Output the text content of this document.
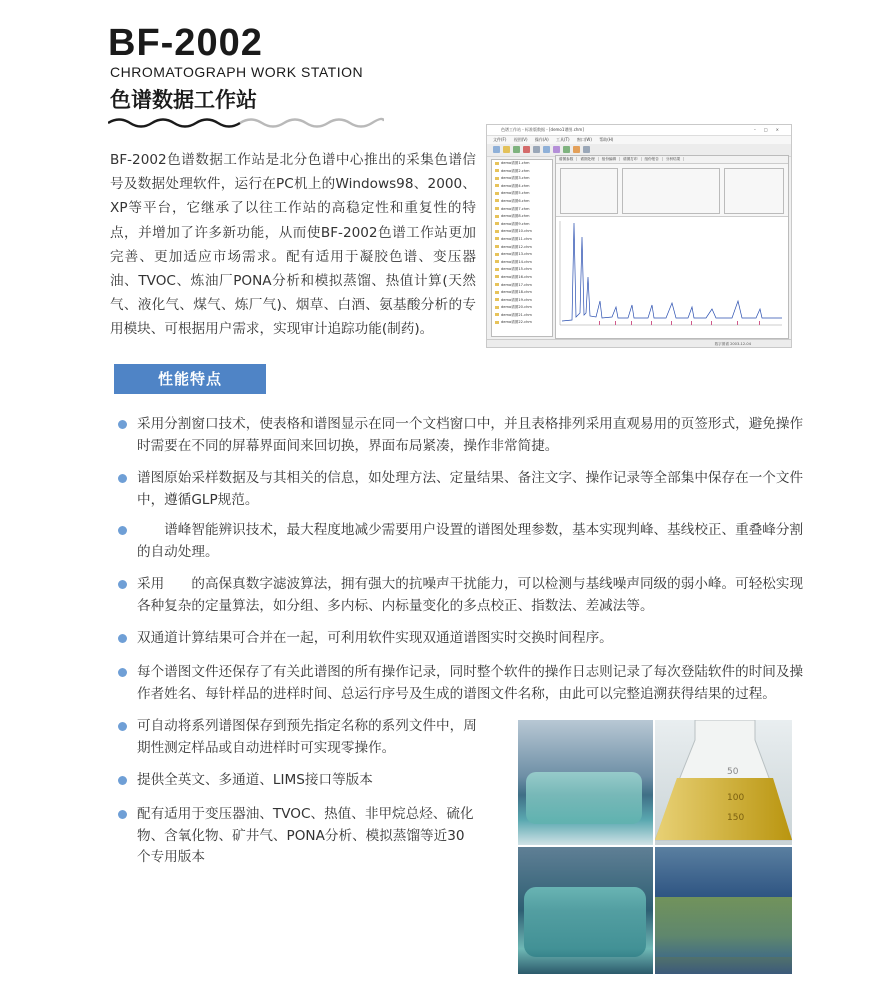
BF-2002
CHROMATOGRAPH WORK STATION
色谱数据工作站
BF-2002色谱数据工作站是北分色谱中心推出的采集色谱信号及数据处理软件，运行在PC机上的Windows98、2000、XP等平台，它继承了以往工作站的高稳定性和重复性的特点，并增加了许多新功能，从而使BF-2002色谱工作站更加完善、更加适应市场需求。配有适用于凝胶色谱、变压器油、TVOC、炼油厂PONA分析和模拟蒸馏、热值计算(天然气、液化气、煤气、炼厂气)、烟草、白酒、氨基酸分析的专用模块、可根据用户需求，实现审计追踪功能(制药)。
色谱工作站 - 标准版数据 - [demo1谱图.chm]	–□×
文件(F) 视图(V) 操作(A) 工具(T) 窗口(W) 帮助(H)
demo谱图1.chm
demo谱图2.chm
demo谱图3.chm
demo谱图4.chm
demo谱图5.chm
demo谱图6.chm
demo谱图7.chm
demo谱图8.chm
demo谱图9.chm
demo谱图10.chm
demo谱图11.chm
demo谱图12.chm
demo谱图13.chm
demo谱图14.chm
demo谱图15.chm
demo谱图16.chm
demo谱图17.chm
demo谱图18.chm
demo谱图19.chm
demo谱图20.chm
demo谱图21.chm
demo谱图22.chm
谱图参数 谱图处理 组份编辑 谱图打印 组份报告 分析结果
数字图谱 2003-12-04
性能特点
采用分割窗口技术，使表格和谱图显示在同一个文档窗口中，并且表格排列采用直观易用的页签形式，避免操作时需要在不同的屏幕界面间来回切换，界面布局紧凑，操作非常简捷。
谱图原始采样数据及与其相关的信息，如处理方法、定量结果、备注文字、操作记录等全部集中保存在一个文件中，遵循GLP规范。
　　谱峰智能辨识技术，最大程度地减少需要用户设置的谱图处理参数，基本实现判峰、基线校正、重叠峰分割的自动处理。
采用　　的高保真数字滤波算法，拥有强大的抗噪声干扰能力，可以检测与基线噪声同级的弱小峰。可轻松实现各种复杂的定量算法，如分组、多内标、内标量变化的多点校正、指数法、差减法等。
双通道计算结果可合并在一起，可利用软件实现双通道谱图实时交换时间程序。
每个谱图文件还保存了有关此谱图的所有操作记录，同时整个软件的操作日志则记录了每次登陆软件的时间及操作者姓名、每针样品的进样时间、总运行序号及生成的谱图文件名称，由此可以完整追溯获得结果的过程。
可自动将系列谱图保存到预先指定名称的系列文件中，周期性测定样品或自动进样时可实现零操作。
提供全英文、多通道、LIMS接口等版本
配有适用于变压器油、TVOC、热值、非甲烷总烃、硫化物、含氧化物、矿井气、PONA分析、模拟蒸馏等近30个专用版本
50
100
150
